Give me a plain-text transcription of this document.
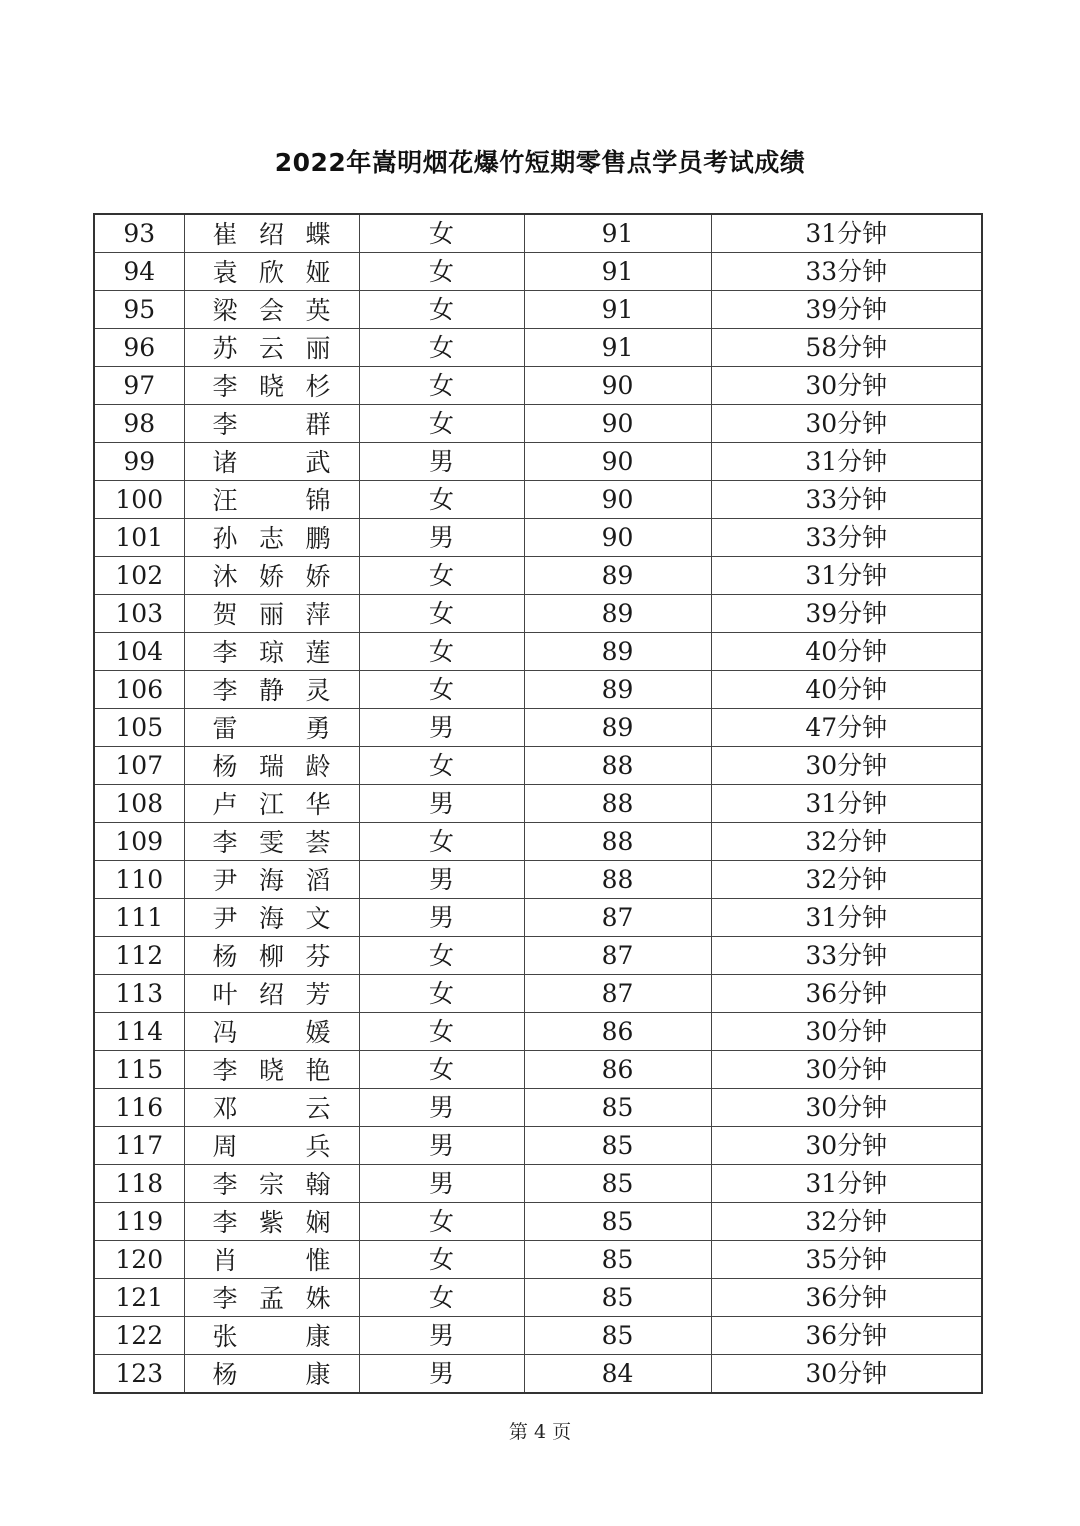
2022年嵩明烟花爆竹短期零售点学员考试成绩
93	崔绍蝶	女	91	31分钟
94	袁欣娅	女	91	33分钟
95	梁会英	女	91	39分钟
96	苏云丽	女	91	58分钟
97	李晓杉	女	90	30分钟
98	李群	女	90	30分钟
99	诸武	男	90	31分钟
100	汪锦	女	90	33分钟
101	孙志鹏	男	90	33分钟
102	沐娇娇	女	89	31分钟
103	贺丽萍	女	89	39分钟
104	李琼莲	女	89	40分钟
106	李静灵	女	89	40分钟
105	雷勇	男	89	47分钟
107	杨瑞龄	女	88	30分钟
108	卢江华	男	88	31分钟
109	李雯荟	女	88	32分钟
110	尹海滔	男	88	32分钟
111	尹海文	男	87	31分钟
112	杨柳芬	女	87	33分钟
113	叶绍芳	女	87	36分钟
114	冯媛	女	86	30分钟
115	李晓艳	女	86	30分钟
116	邓云	男	85	30分钟
117	周兵	男	85	30分钟
118	李宗翰	男	85	31分钟
119	李紫娴	女	85	32分钟
120	肖惟	女	85	35分钟
121	李孟姝	女	85	36分钟
122	张康	男	85	36分钟
123	杨康	男	84	30分钟
第 4 页
